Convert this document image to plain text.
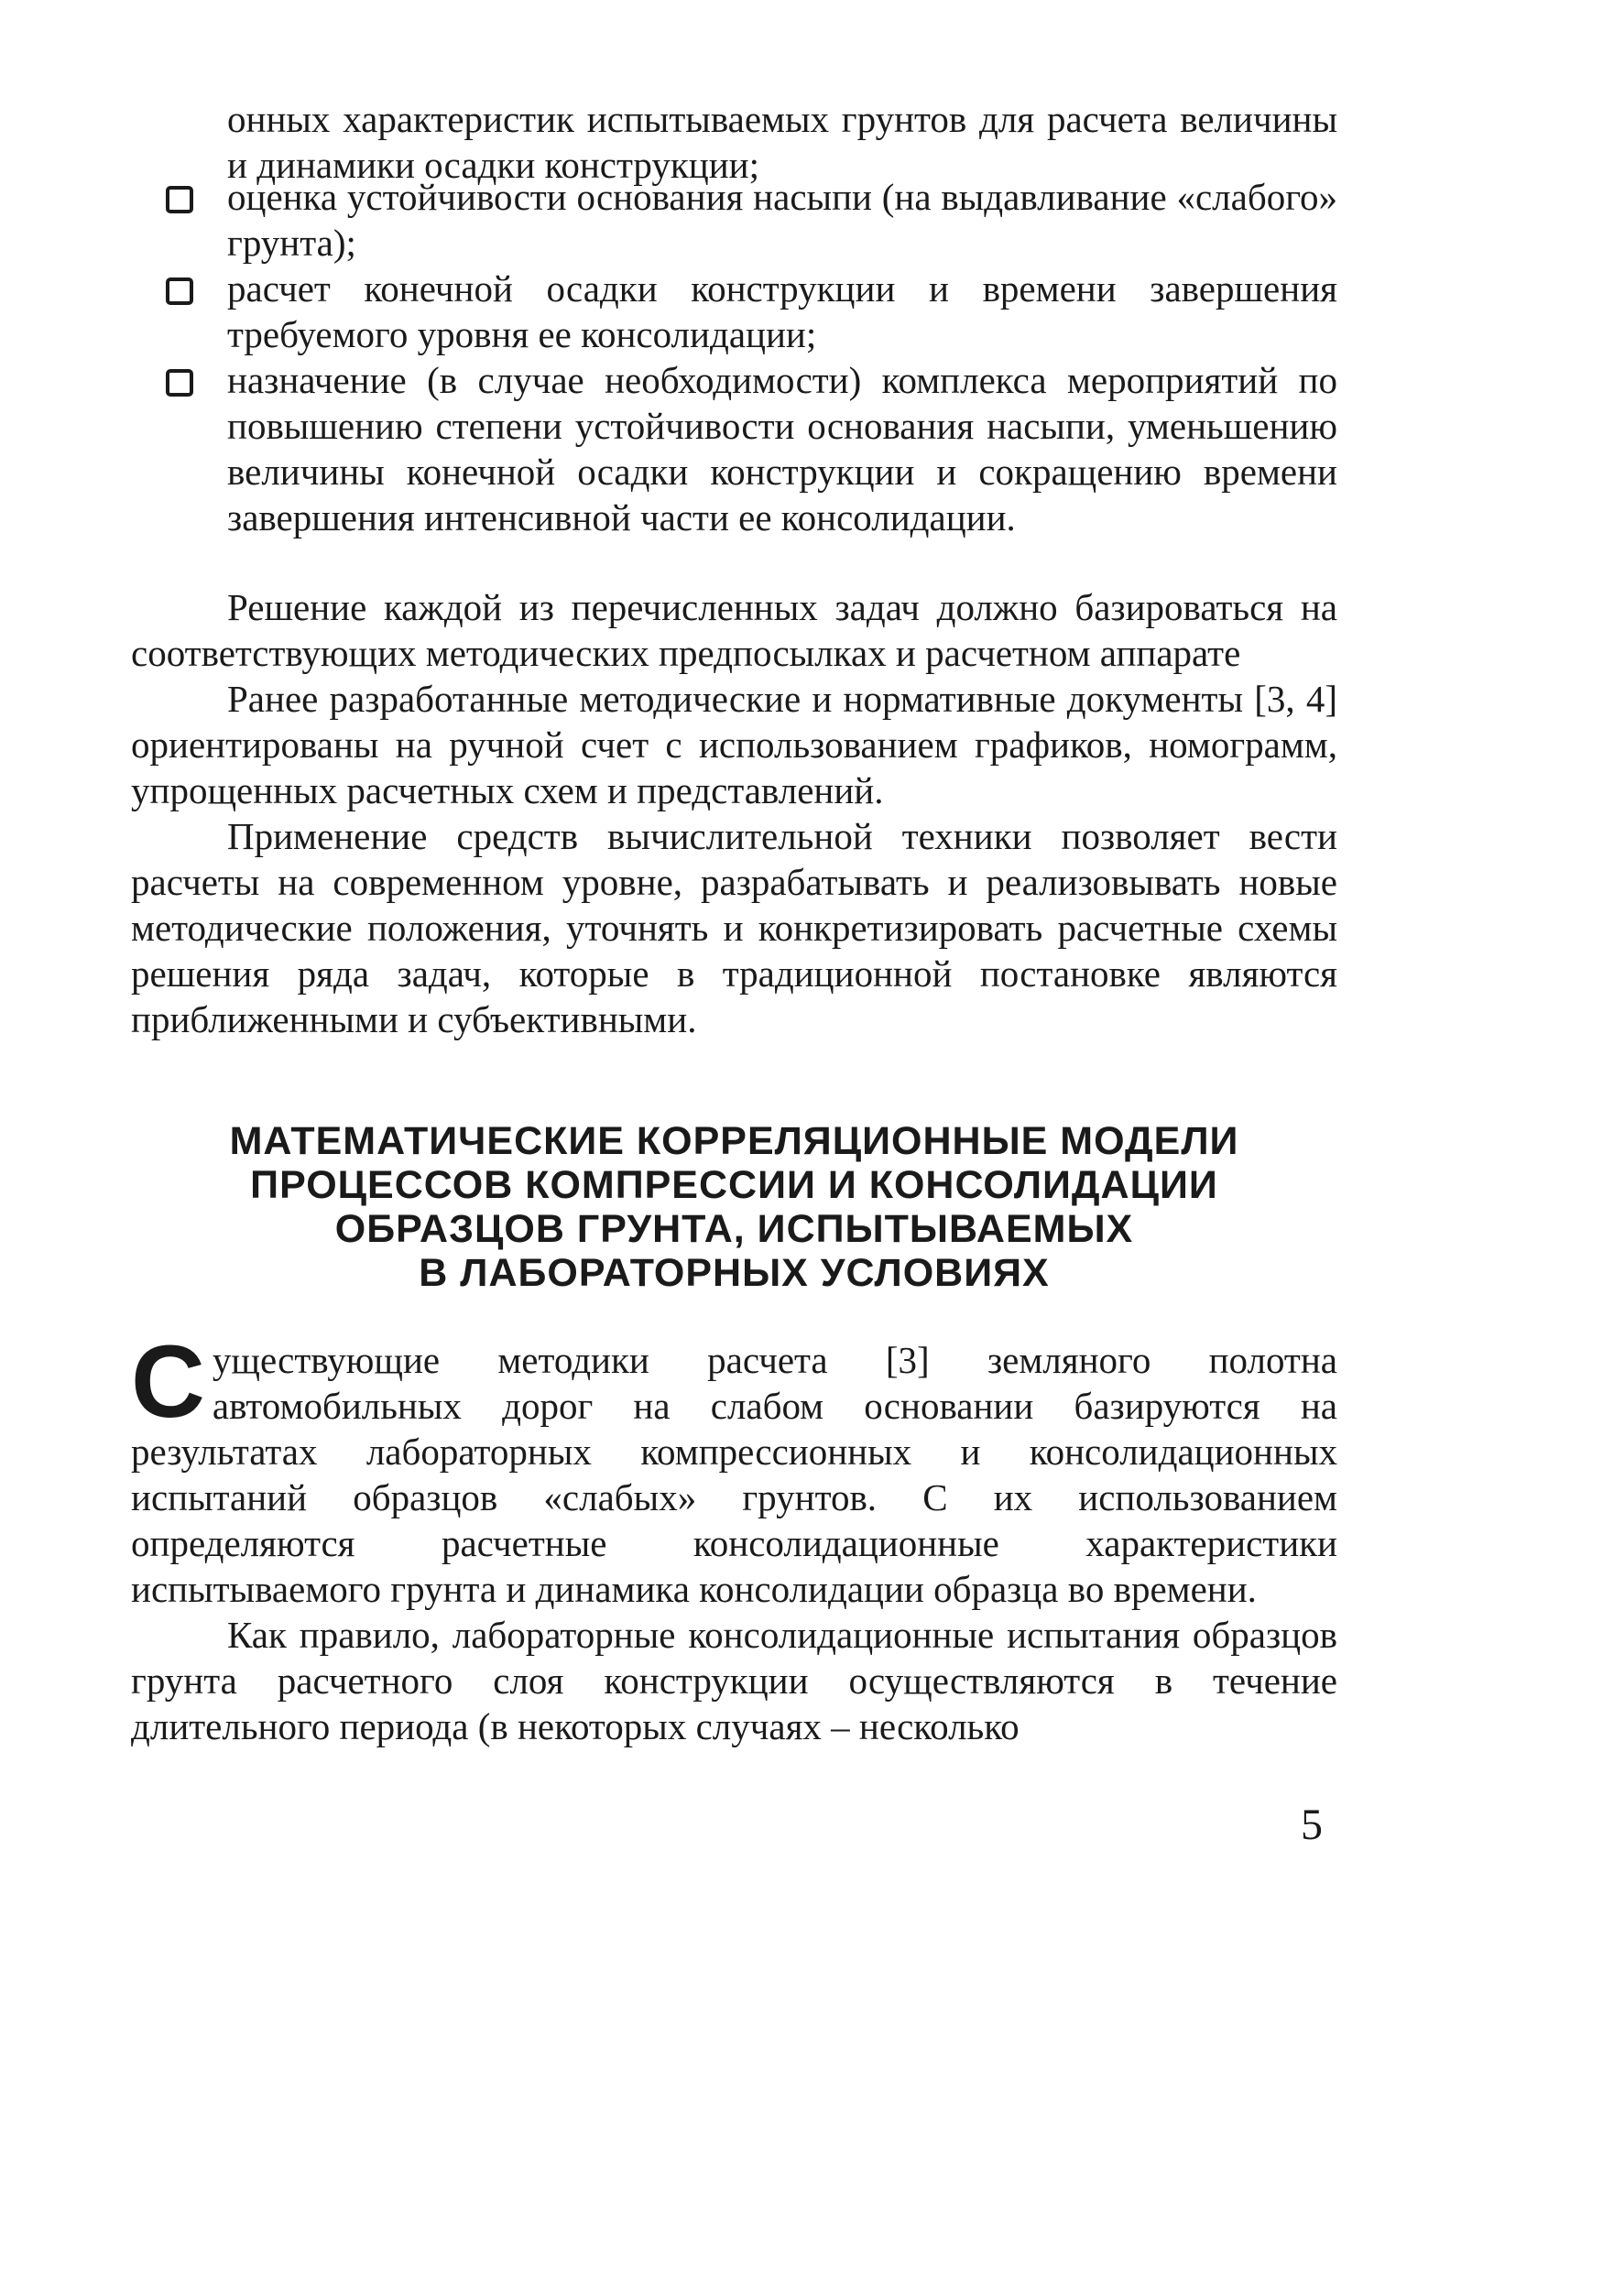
онных характеристик испытываемых грунтов для расчета величины и динамики осадки конструкции;

оценка устойчивости основания насыпи (на выдавливание «слабого» грунта);

расчет конечной осадки конструкции и времени завершения требуемого уровня ее консолидации;

назначение (в случае необходимости) комплекса мероприятий по повышению степени устойчивости основания насыпи, уменьшению величины конечной осадки конструкции и сокращению времени завершения интенсивной части ее консолидации.

Решение каждой из перечисленных задач должно базироваться на соответствующих методических предпосылках и расчетном аппарате

Ранее разработанные методические и нормативные документы [3, 4] ориентированы на ручной счет с использованием графиков, номограмм, упрощенных расчетных схем и представлений.

Применение средств вычислительной техники позволяет вести расчеты на современном уровне, разрабатывать и реализовывать новые методические положения, уточнять и конкретизировать расчетные схемы решения ряда задач, которые в традиционной постановке являются приближенными и субъективными.

МАТЕМАТИЧЕСКИЕ КОРРЕЛЯЦИОННЫЕ МОДЕЛИ
ПРОЦЕССОВ КОМПРЕССИИ И КОНСОЛИДАЦИИ
ОБРАЗЦОВ ГРУНТА, ИСПЫТЫВАЕМЫХ
В ЛАБОРАТОРНЫХ УСЛОВИЯХ

Существующие методики расчета [3] земляного полотна автомобильных дорог на слабом основании базируются на результатах лабораторных компрессионных и консолидационных испытаний образцов «слабых» грунтов. С их использованием определяются расчетные консолидационные характеристики испытываемого грунта и динамика консолидации образца во времени.

Как правило, лабораторные консолидационные испытания образцов грунта расчетного слоя конструкции осуществляются в течение длительного периода (в некоторых случаях – несколько

5
